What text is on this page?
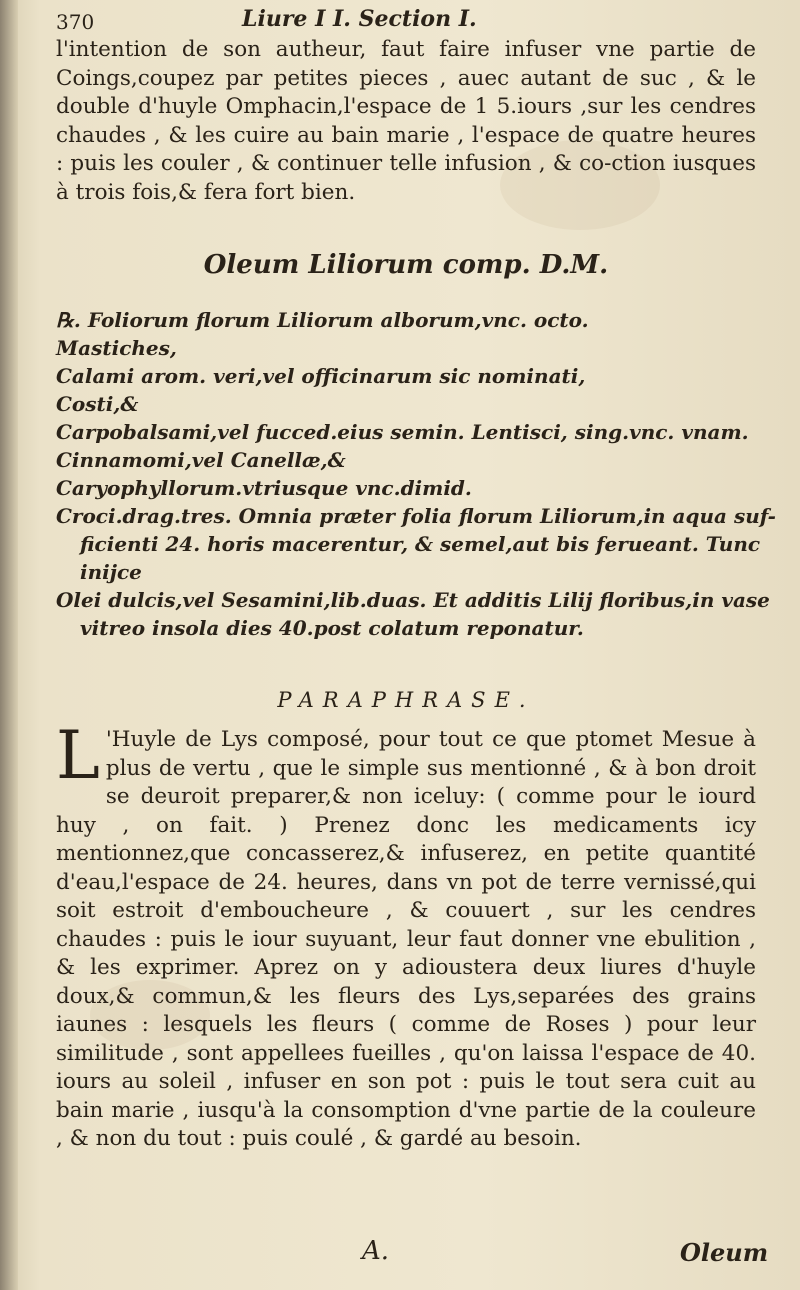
370	Liure I I. Section I.
l'intention de son autheur, faut faire infuser vne partie de Coings,coupez par petites pieces , auec autant de suc , & le double d'huyle Omphacin,l'espace de 1 5.iours ,sur les cendres chaudes , & les cuire au bain marie , l'espace de quatre heures : puis les couler , & continuer telle infusion , & co-ction iusques à trois fois,& fera fort bien.
Oleum Liliorum comp. D.M.
℞. Foliorum florum Liliorum alborum,vnc. octo.
Mastiches,
Calami arom. veri,vel officinarum sic nominati,
Costi,&
Carpobalsami,vel fucced.eius semin. Lentisci, sing.vnc. vnam.
Cinnamomi,vel Canellæ,&
Caryophyllorum.vtriusque vnc.dimid.
Croci.drag.tres. Omnia præter folia florum Liliorum,in aqua suf-
ficienti 24. horis macerentur, & semel,aut bis ferueant. Tunc
inijce
Olei dulcis,vel Sesamini,lib.duas. Et additis Lilij floribus,in vase
vitreo insola dies 40.post colatum reponatur.
PARAPHRASE.
L 'Huyle de Lys composé, pour tout ce que ptomet Mesue à plus de vertu , que le simple sus mentionné , & à bon droit se deuroit preparer,& non iceluy: ( comme pour le iourd huy , on fait. ) Prenez donc les medicaments icy mentionnez,que concasserez,& infuserez, en petite quantité d'eau,l'espace de 24. heures, dans vn pot de terre vernissé,qui soit estroit d'emboucheure , & couuert , sur les cendres chaudes : puis le iour suyuant, leur faut donner vne ebulition , & les exprimer. Aprez on y adioustera deux liures d'huyle doux,& commun,& les fleurs des Lys,separées des grains iaunes : lesquels les fleurs ( comme de Roses ) pour leur similitude , sont appellees fueilles , qu'on laissa l'espace de 40. iours au soleil , infuser en son pot : puis le tout sera cuit au bain marie , iusqu'à la consomption d'vne partie de la couleure , & non du tout : puis coulé , & gardé au besoin.
A.	Oleum
